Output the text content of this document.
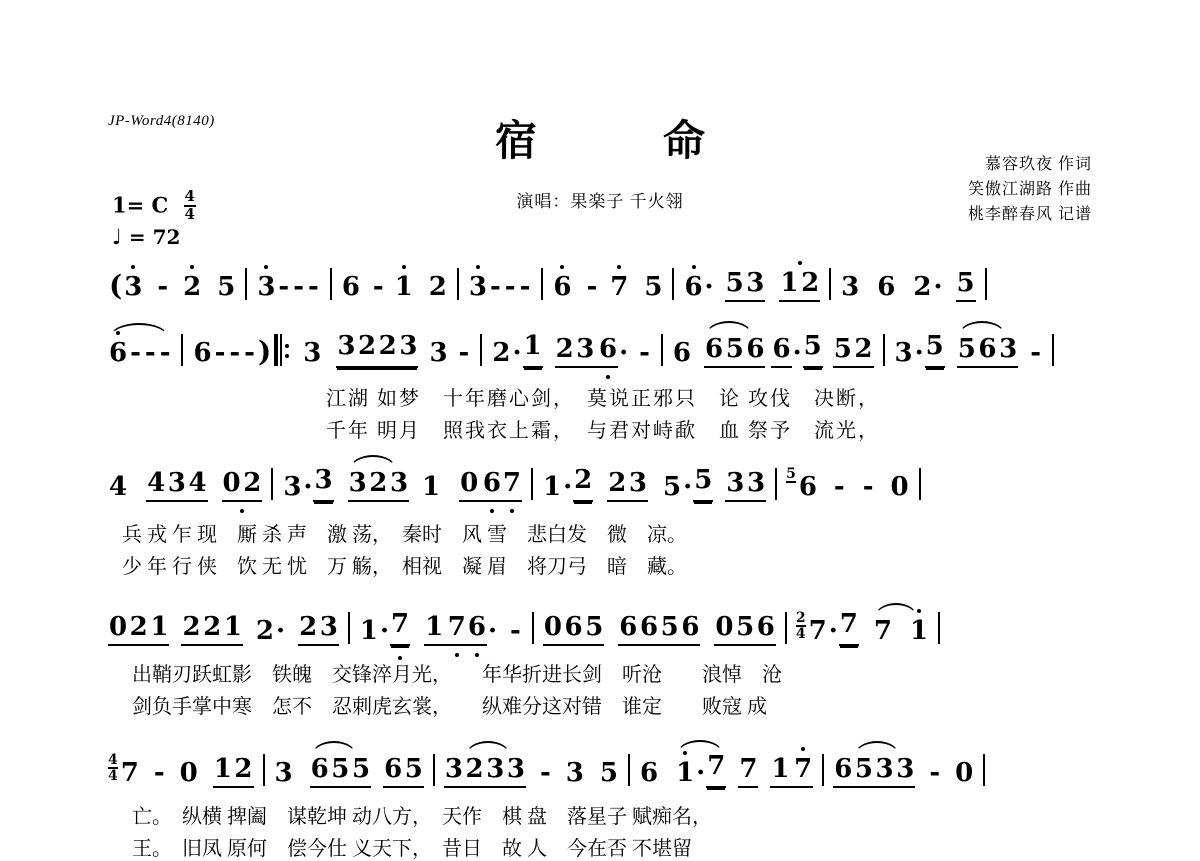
JP-Word4(8140)	宿　命
演唱：果楽子 千火翎
慕容玖夜 作词
笑傲江湖路 作曲
桃李醉春风 记谱
1= C $\frac{4}{4}$
♩ = 72
( 3 - 2 5 3 - - - 6 - 1 2 3 - - - 6 - 7 5 6 · 5 3 1 2 3 6 2 · 5
6 - - - 6 - - - ) 3 3 2 2 3 3 - 2 · 1 2 3  6 · - 6 6 5 6 6 · 5 5 2 3 · 5 5 6 3 -
江湖 如梦　十年磨心剑，　莫说正邪只　论 攻伐　决断，
千年 明月　照我衣上霜，　与君对峙歃　血 祭予　流光，
4 4 3 4 0 2 3 · 3 3 2 3 1 0  6 7 1 · 2 2 3 5 · 5 3 3 5
  6 - - 0
兵 戎 乍 现　厮 杀 声　激 荡，　秦时　风 雪　悲白发　微　凉。
少 年 行 侠　饮 无 忧　万 觞，　相视　凝 眉　将刀弓　暗　藏。
0 2 1 2 2 1 2 · 2 3 1 · 7 1  7 6 · - 0 6 5 6 6 5 6 0 5 $6 \frac{2}{4} 7 \cdot 7$ 7 1
出鞘刃跃虹影　铁魄　交锋淬月光，　　年华折进长剑　听沧　　浪悼　沧
剑负手掌中寒　怎不　忍刺虎玄裳，　　纵难分这对错　谁定　　败寇 成
$\frac{4}{4} 7 - 0$ 1 2 3 6 5 5 6 5 3 2 3 3 - 3 5 6 1 · 7 7 1  7 6 5 3 3 - 0
亡。　纵横 捭阖　谋乾坤 动八方，　天作　棋 盘　落星子 赋痴名，
王。　旧凤 原何　偿今仕 义天下，　昔日　故 人　今在否 不堪留
